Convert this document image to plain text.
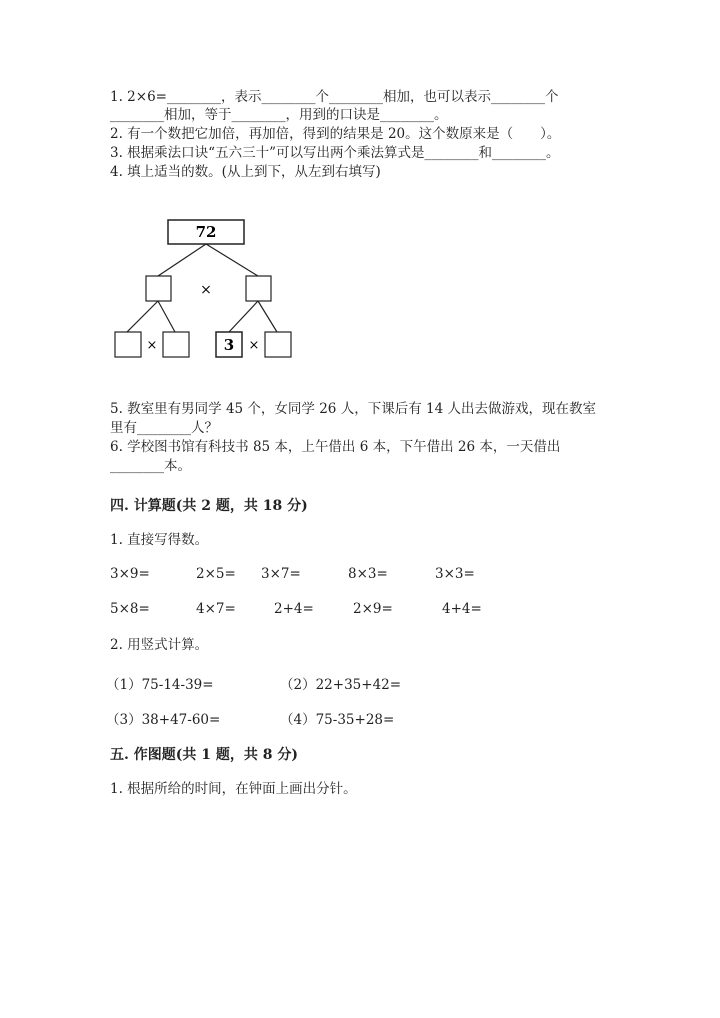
1. 2×6=________，表示________个________相加，也可以表示________个
________相加，等于________，用到的口诀是________。
2. 有一个数把它加倍，再加倍，得到的结果是 20。这个数原来是（　　）。
3. 根据乘法口诀“五六三十”可以写出两个乘法算式是________和________。
4. 填上适当的数。(从上到下，从左到右填写)
72
×
×	×
3
5. 教室里有男同学 45 个，女同学 26 人，下课后有 14 人出去做游戏，现在教室
里有________人？
6. 学校图书馆有科技书 85 本，上午借出 6 本，下午借出 26 本，一天借出
________本。
四. 计算题(共 2 题，共 18 分)
1. 直接写得数。
3×9=	2×5= 3×7=	8×3=	3×3=
5×8=	4×7=	2+4=	2×9=	4+4=
2. 用竖式计算。
（1）75-14-39=	（2）22+35+42=
（3）38+47-60=	（4）75-35+28=
五. 作图题(共 1 题，共 8 分)
1. 根据所给的时间，在钟面上画出分针。
